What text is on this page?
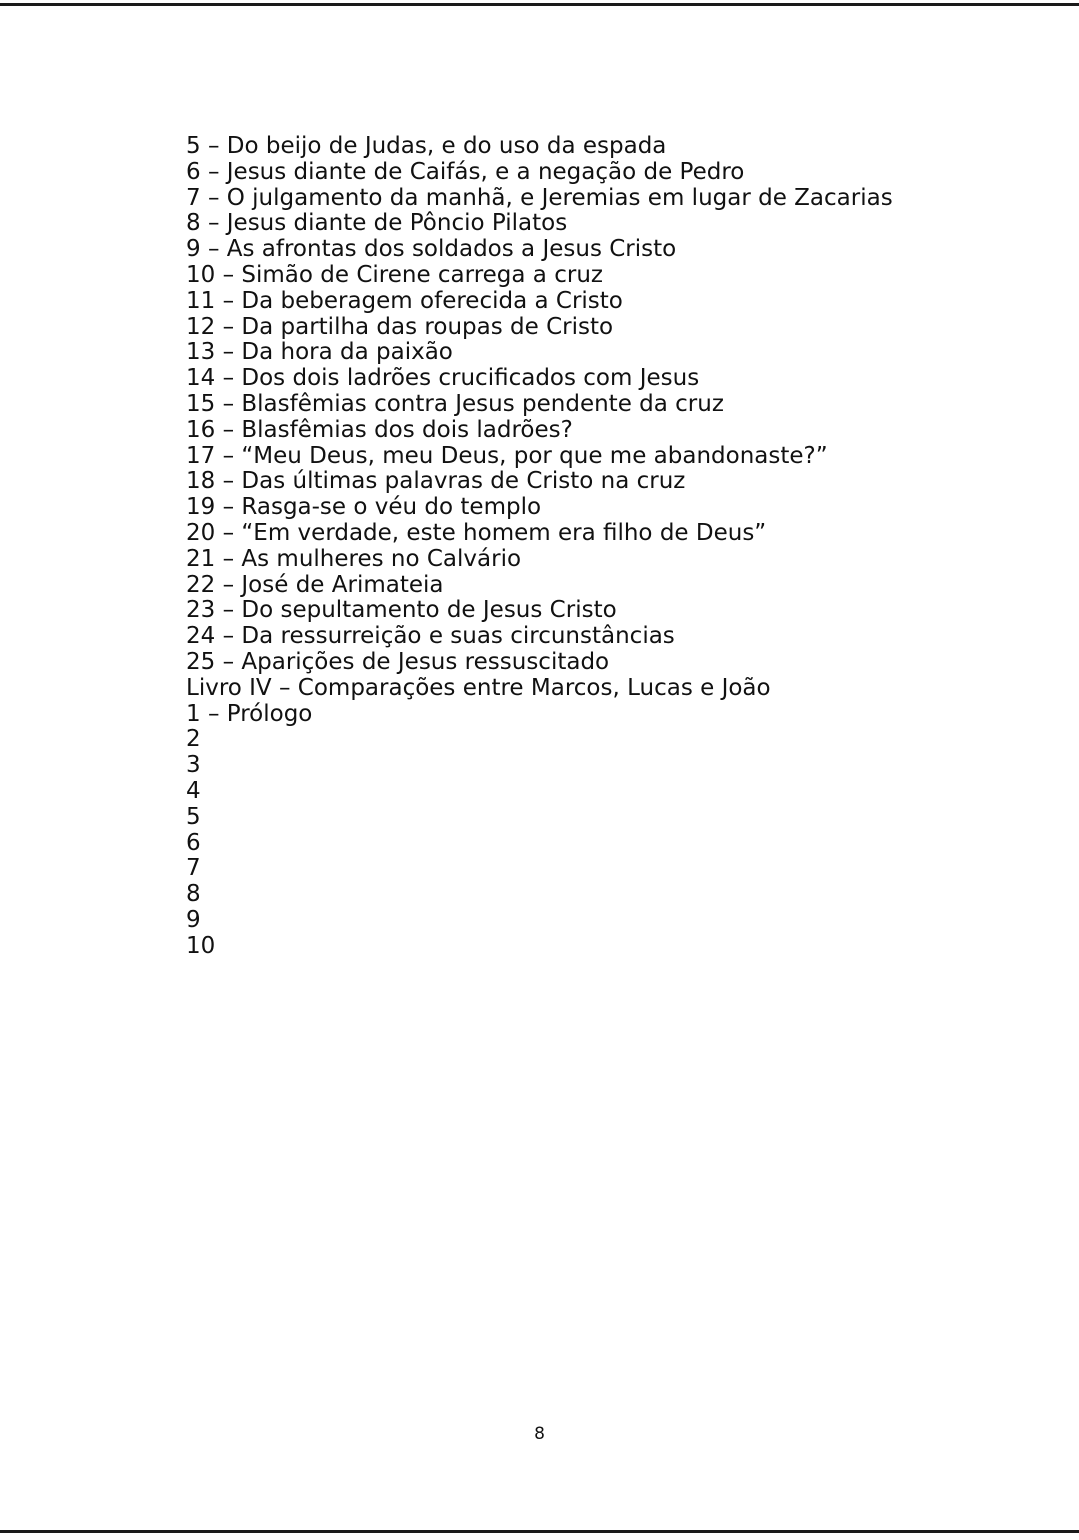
5 – Do beijo de Judas, e do uso da espada
6 – Jesus diante de Caifás, e a negação de Pedro
7 – O julgamento da manhã, e Jeremias em lugar de Zacarias
8 – Jesus diante de Pôncio Pilatos
9 – As afrontas dos soldados a Jesus Cristo
10 – Simão de Cirene carrega a cruz
11 – Da beberagem oferecida a Cristo
12 – Da partilha das roupas de Cristo
13 – Da hora da paixão
14 – Dos dois ladrões crucificados com Jesus
15 – Blasfêmias contra Jesus pendente da cruz
16 – Blasfêmias dos dois ladrões?
17 – “Meu Deus, meu Deus, por que me abandonaste?”
18 – Das últimas palavras de Cristo na cruz
19 – Rasga-se o véu do templo
20 – “Em verdade, este homem era filho de Deus”
21 – As mulheres no Calvário
22 – José de Arimateia
23 – Do sepultamento de Jesus Cristo
24 – Da ressurreição e suas circunstâncias
25 – Aparições de Jesus ressuscitado
Livro IV – Comparações entre Marcos, Lucas e João
1 – Prólogo
2
3
4
5
6
7
8
9
10
8
